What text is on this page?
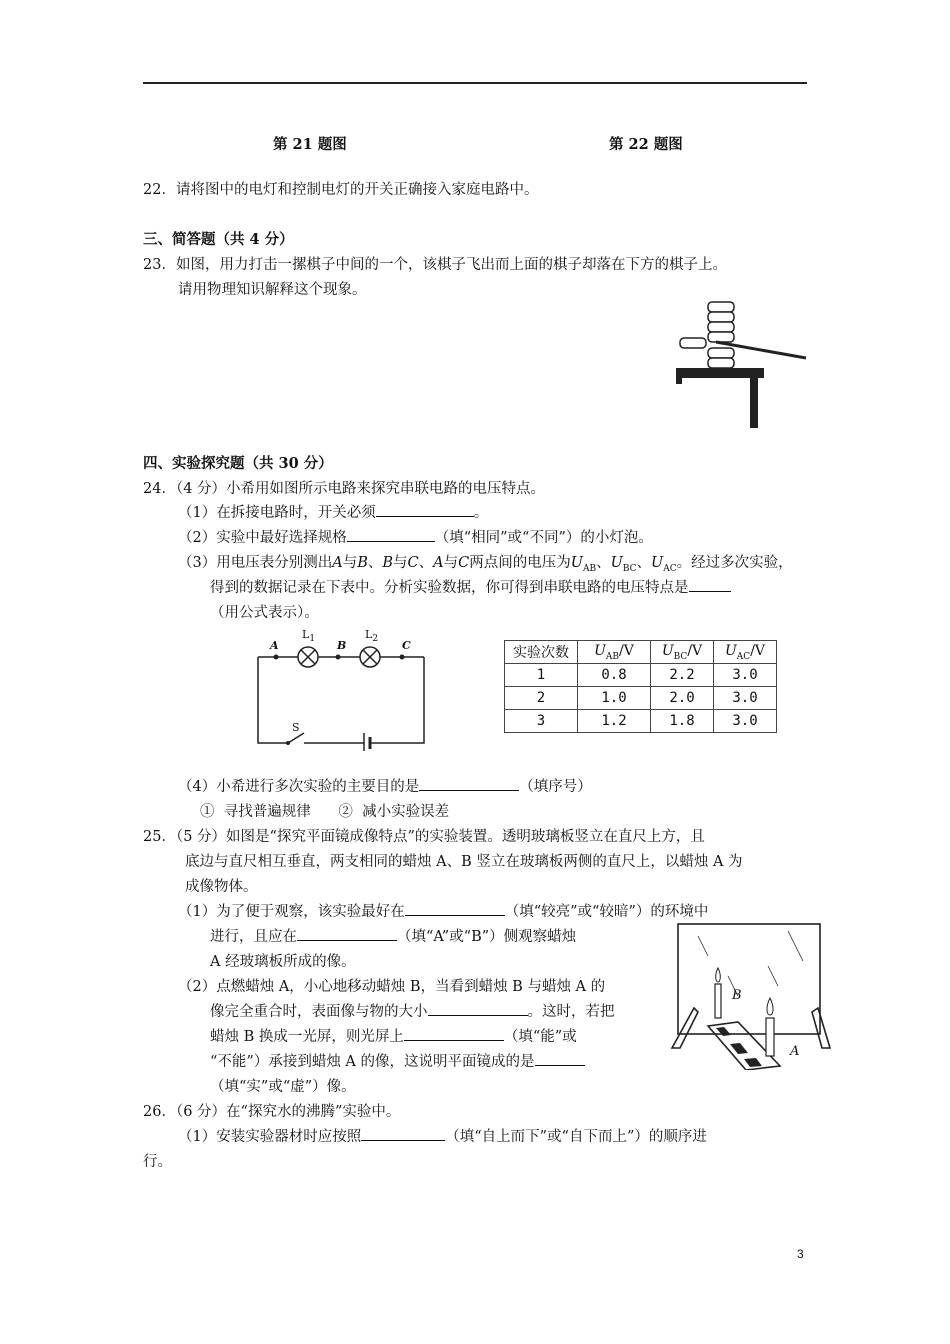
第 21 题图	第 22 题图
22．请将图中的电灯和控制电灯的开关正确接入家庭电路中。
三、简答题（共 4 分）
23．如图，用力打击一摞棋子中间的一个，该棋子飞出而上面的棋子却落在下方的棋子上。
请用物理知识解释这个现象。
四、实验探究题（共 30 分）
24．（4 分）小希用如图所示电路来探究串联电路的电压特点。
（1）在拆接电路时，开关必须	。
（2）实验中最好选择规格	（填“相同”或“不同”）的小灯泡。
（3）用电压表分别测出A与B、B与C、A与C两点间的电压为$U_{AB}$、$U_{BC}$、$U_{AC}$。经过多次实验，
得到的数据记录在下表中。分析实验数据，你可得到串联电路的电压特点是
（用公式表示）。
A	B	C
$L_1$	$L_2$
S
实验次数	$U_{AB}/V$	$U_{BC}/V$	$U_{AC}/V$
1	0.8	2.2	3.0
2	1.0	2.0	3.0
3	1.2	1.8	3.0
（4）小希进行多次实验的主要目的是	（填序号）
①  寻找普遍规律      ②  减小实验误差
25．（5 分）如图是“探究平面镜成像特点”的实验装置。透明玻璃板竖立在直尺上方，且
底边与直尺相互垂直，两支相同的蜡烛 A、B 竖立在玻璃板两侧的直尺上，以蜡烛 A 为
成像物体。
（1）为了便于观察，该实验最好在	（填“较亮”或“较暗”）的环境中
进行，且应在	（填“A”或“B”）侧观察蜡烛
A 经玻璃板所成的像。
（2）点燃蜡烛 A，小心地移动蜡烛 B，当看到蜡烛 B 与蜡烛 A 的
像完全重合时，表面像与物的大小	。这时，若把
蜡烛 B 换成一光屏，则光屏上	（填“能”或
“不能”）承接到蜡烛 A 的像，这说明平面镜成的是
（填“实”或“虚”）像。
B
A
26．（6 分）在“探究水的沸腾”实验中。
（1）安装实验器材时应按照	（填“自上而下”或“自下而上”）的顺序进
行。
3
